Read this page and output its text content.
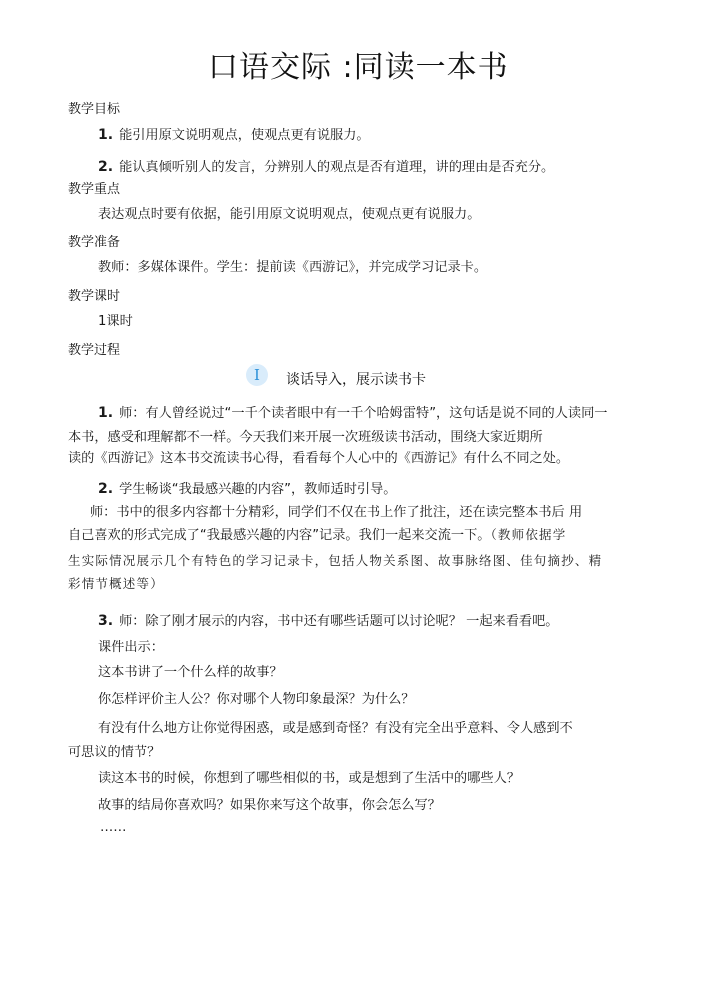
口语交际 :同读一本书
教学目标
1. 能引用原文说明观点，使观点更有说服力。
2. 能认真倾听别人的发言，分辨别人的观点是否有道理，讲的理由是否充分。
教学重点
表达观点时要有依据，能引用原文说明观点，使观点更有说服力。
教学准备
教师：多媒体课件。学生：提前读《西游记》，并完成学习记录卡。
教学课时
1课时
教学过程
I	谈话导入，展示读书卡
1. 师：有人曾经说过“一千个读者眼中有一千个哈姆雷特”，这句话是说不同的人读同一
本书，感受和理解都不一样。今天我们来开展一次班级读书活动，围绕大家近期所
读的《西游记》这本书交流读书心得，看看每个人心中的《西游记》有什么不同之处。
2. 学生畅谈“我最感兴趣的内容”，教师适时引导。
师：书中的很多内容都十分精彩，同学们不仅在书上作了批注，还在读完整本书后 用
自己喜欢的形式完成了“我最感兴趣的内容”记录。我们一起来交流一下。（教师依据学
生实际情况展示几个有特色的学习记录卡，包括人物关系图、故事脉络图、佳句摘抄、精
彩情节概述等）
3. 师：除了刚才展示的内容，书中还有哪些话题可以讨论呢？ 一起来看看吧。
课件出示：
这本书讲了一个什么样的故事？
你怎样评价主人公？你对哪个人物印象最深？为什么？
有没有什么地方让你觉得困惑，或是感到奇怪？有没有完全出乎意料、令人感到不
可思议的情节？
读这本书的时候，你想到了哪些相似的书，或是想到了生活中的哪些人？
故事的结局你喜欢吗？如果你来写这个故事，你会怎么写？
……
